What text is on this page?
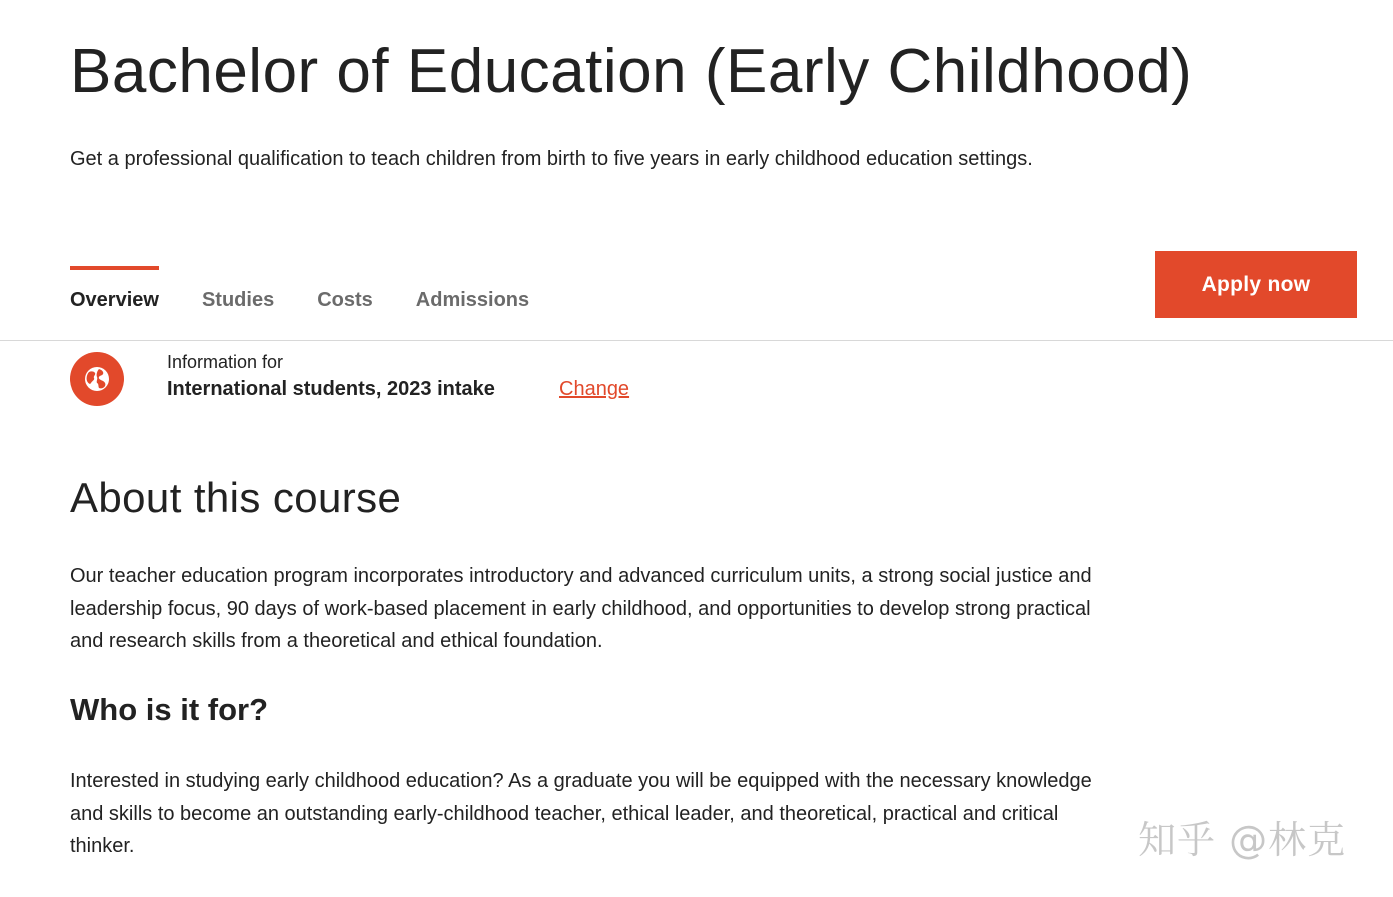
Bachelor of Education (Early Childhood)

Get a professional qualification to teach children from birth to five years in early childhood education settings.

Overview Studies Costs Admissions
Apply now
Information for
International students, 2023 intake	Change
About this course

Our teacher education program incorporates introductory and advanced curriculum units, a strong social justice and leadership focus, 90 days of work-based placement in early childhood, and opportunities to develop strong practical and research skills from a theoretical and ethical foundation.

Who is it for?

Interested in studying early childhood education? As a graduate you will be equipped with the necessary knowledge and skills to become an outstanding early-childhood teacher, ethical leader, and theoretical, practical and critical thinker.	知乎 @林克
